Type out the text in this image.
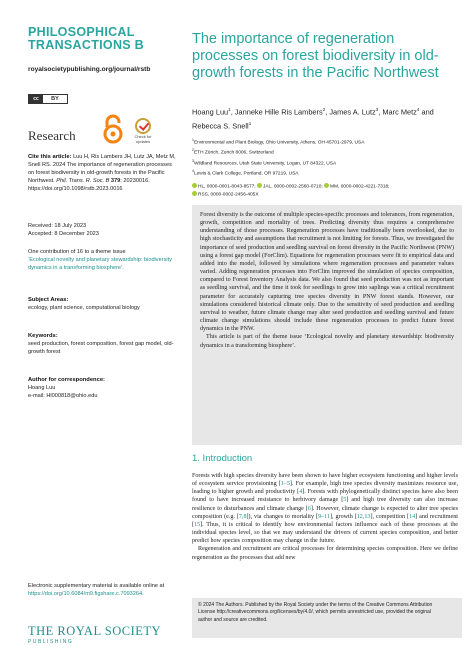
PHILOSOPHICAL
TRANSACTIONS B
royalsocietypublishing.org/journal/rstb
cc	BY
Research	Check for updates
Cite this article: Luu H, Ris Lambers JH, Lutz JA, Metz M, Snell RS. 2024 The importance of regeneration processes on forest biodiversity in old-growth forests in the Pacific Northwest. Phil. Trans. R. Soc. B 379: 20230016. https://doi.org/10.1098/rstb.2023.0016
Received: 18 July 2023
Accepted: 8 December 2023
One contribution of 16 to a theme issue
‘Ecological novelty and planetary stewardship: biodiversity dynamics in a transforming biosphere’.
Subject Areas:
ecology, plant science, computational biology
Keywords:
seed production, forest composition, forest gap model, old-growth forest
Author for correspondence:
Hoang Luu
e-mail: Hl000818@ohio.edu
Electronic supplementary material is available online at
https://doi.org/10.6084/m9.figshare.c.7093264.
THE ROYAL SOCIETY
PUBLISHING
The importance of regeneration processes on forest biodiversity in old-growth forests in the Pacific Northwest
Hoang Luu$^1$, Janneke Hille Ris Lambers$^2$, James A. Lutz$^3$, Marc Metz$^4$ and
Rebecca S. Snell$^1$
$^1$Environmental and Plant Biology, Ohio University, Athens, OH 45701-2979, USA
$^2$ETH Zürich, Zurich 8006, Switzerland
$^3$Wildland Resources, Utah State University, Logan, UT 84322, USA
$^4$Lewis & Clark College, Portland, OR 97219, USA
HL, 0000-0001-8043-8577; JAL, 0000-0002-2560-0710; MM, 0000-0002-4221-7318;
RSS, 0000-0002-2456-405X

Forest diversity is the outcome of multiple species-specific processes and tolerances, from regeneration, growth, competition and mortality of trees. Predicting diversity thus requires a comprehensive understanding of those processes. Regeneration processes have traditionally been overlooked, due to high stochasticity and assumptions that recruitment is not limiting for forests. Thus, we investigated the importance of seed production and seedling survival on forest diversity in the Pacific Northwest (PNW) using a forest gap model (ForClim). Equations for regeneration processes were fit to empirical data and added into the model, followed by simulations where regeneration processes and parameter values varied. Adding regeneration processes into ForClim improved the simulation of species composition, compared to Forest Inventory Analysis data. We also found that seed production was not as important as seedling survival, and the time it took for seedlings to grow into saplings was a critical recruitment parameter for accurately capturing tree species diversity in PNW forest stands. However, our simulations considered historical climate only. Due to the sensitivity of seed production and seedling survival to weather, future climate change may alter seed production and seedling survival and future climate change simulations should include these regeneration processes to predict future forest dynamics in the PNW.

This article is part of the theme issue ‘Ecological novelty and planetary stewardship: biodiversity dynamics in a transforming biosphere’.

1. Introduction

Forests with high species diversity have been shown to have higher ecosystem functioning and higher levels of ecosystem service provisioning [1–5]. For example, high tree species diversity maximizes resource use, leading to higher growth and productivity [4]. Forests with phylogenetically distinct species have also been found to have increased resistance to herbivory damage [5] and high tree diversity can also increase resilience to disturbances and climate change [6]. However, climate change is expected to alter tree species composition (e.g. [7,8]), via changes to mortality [9–11], growth [12,13], competition [14] and recruitment [15]. Thus, it is critical to identify how environmental factors influence each of these processes at the individual species level, so that we may understand the drivers of current species composition, and better predict how species composition may change in the future.

Regeneration and recruitment are critical processes for determining species composition. Here we define regeneration as the processes that add new

© 2024 The Authors. Published by the Royal Society under the terms of the Creative Commons Attribution
License http://creativecommons.org/licenses/by/4.0/, which permits unrestricted use, provided the original
author and source are credited.
